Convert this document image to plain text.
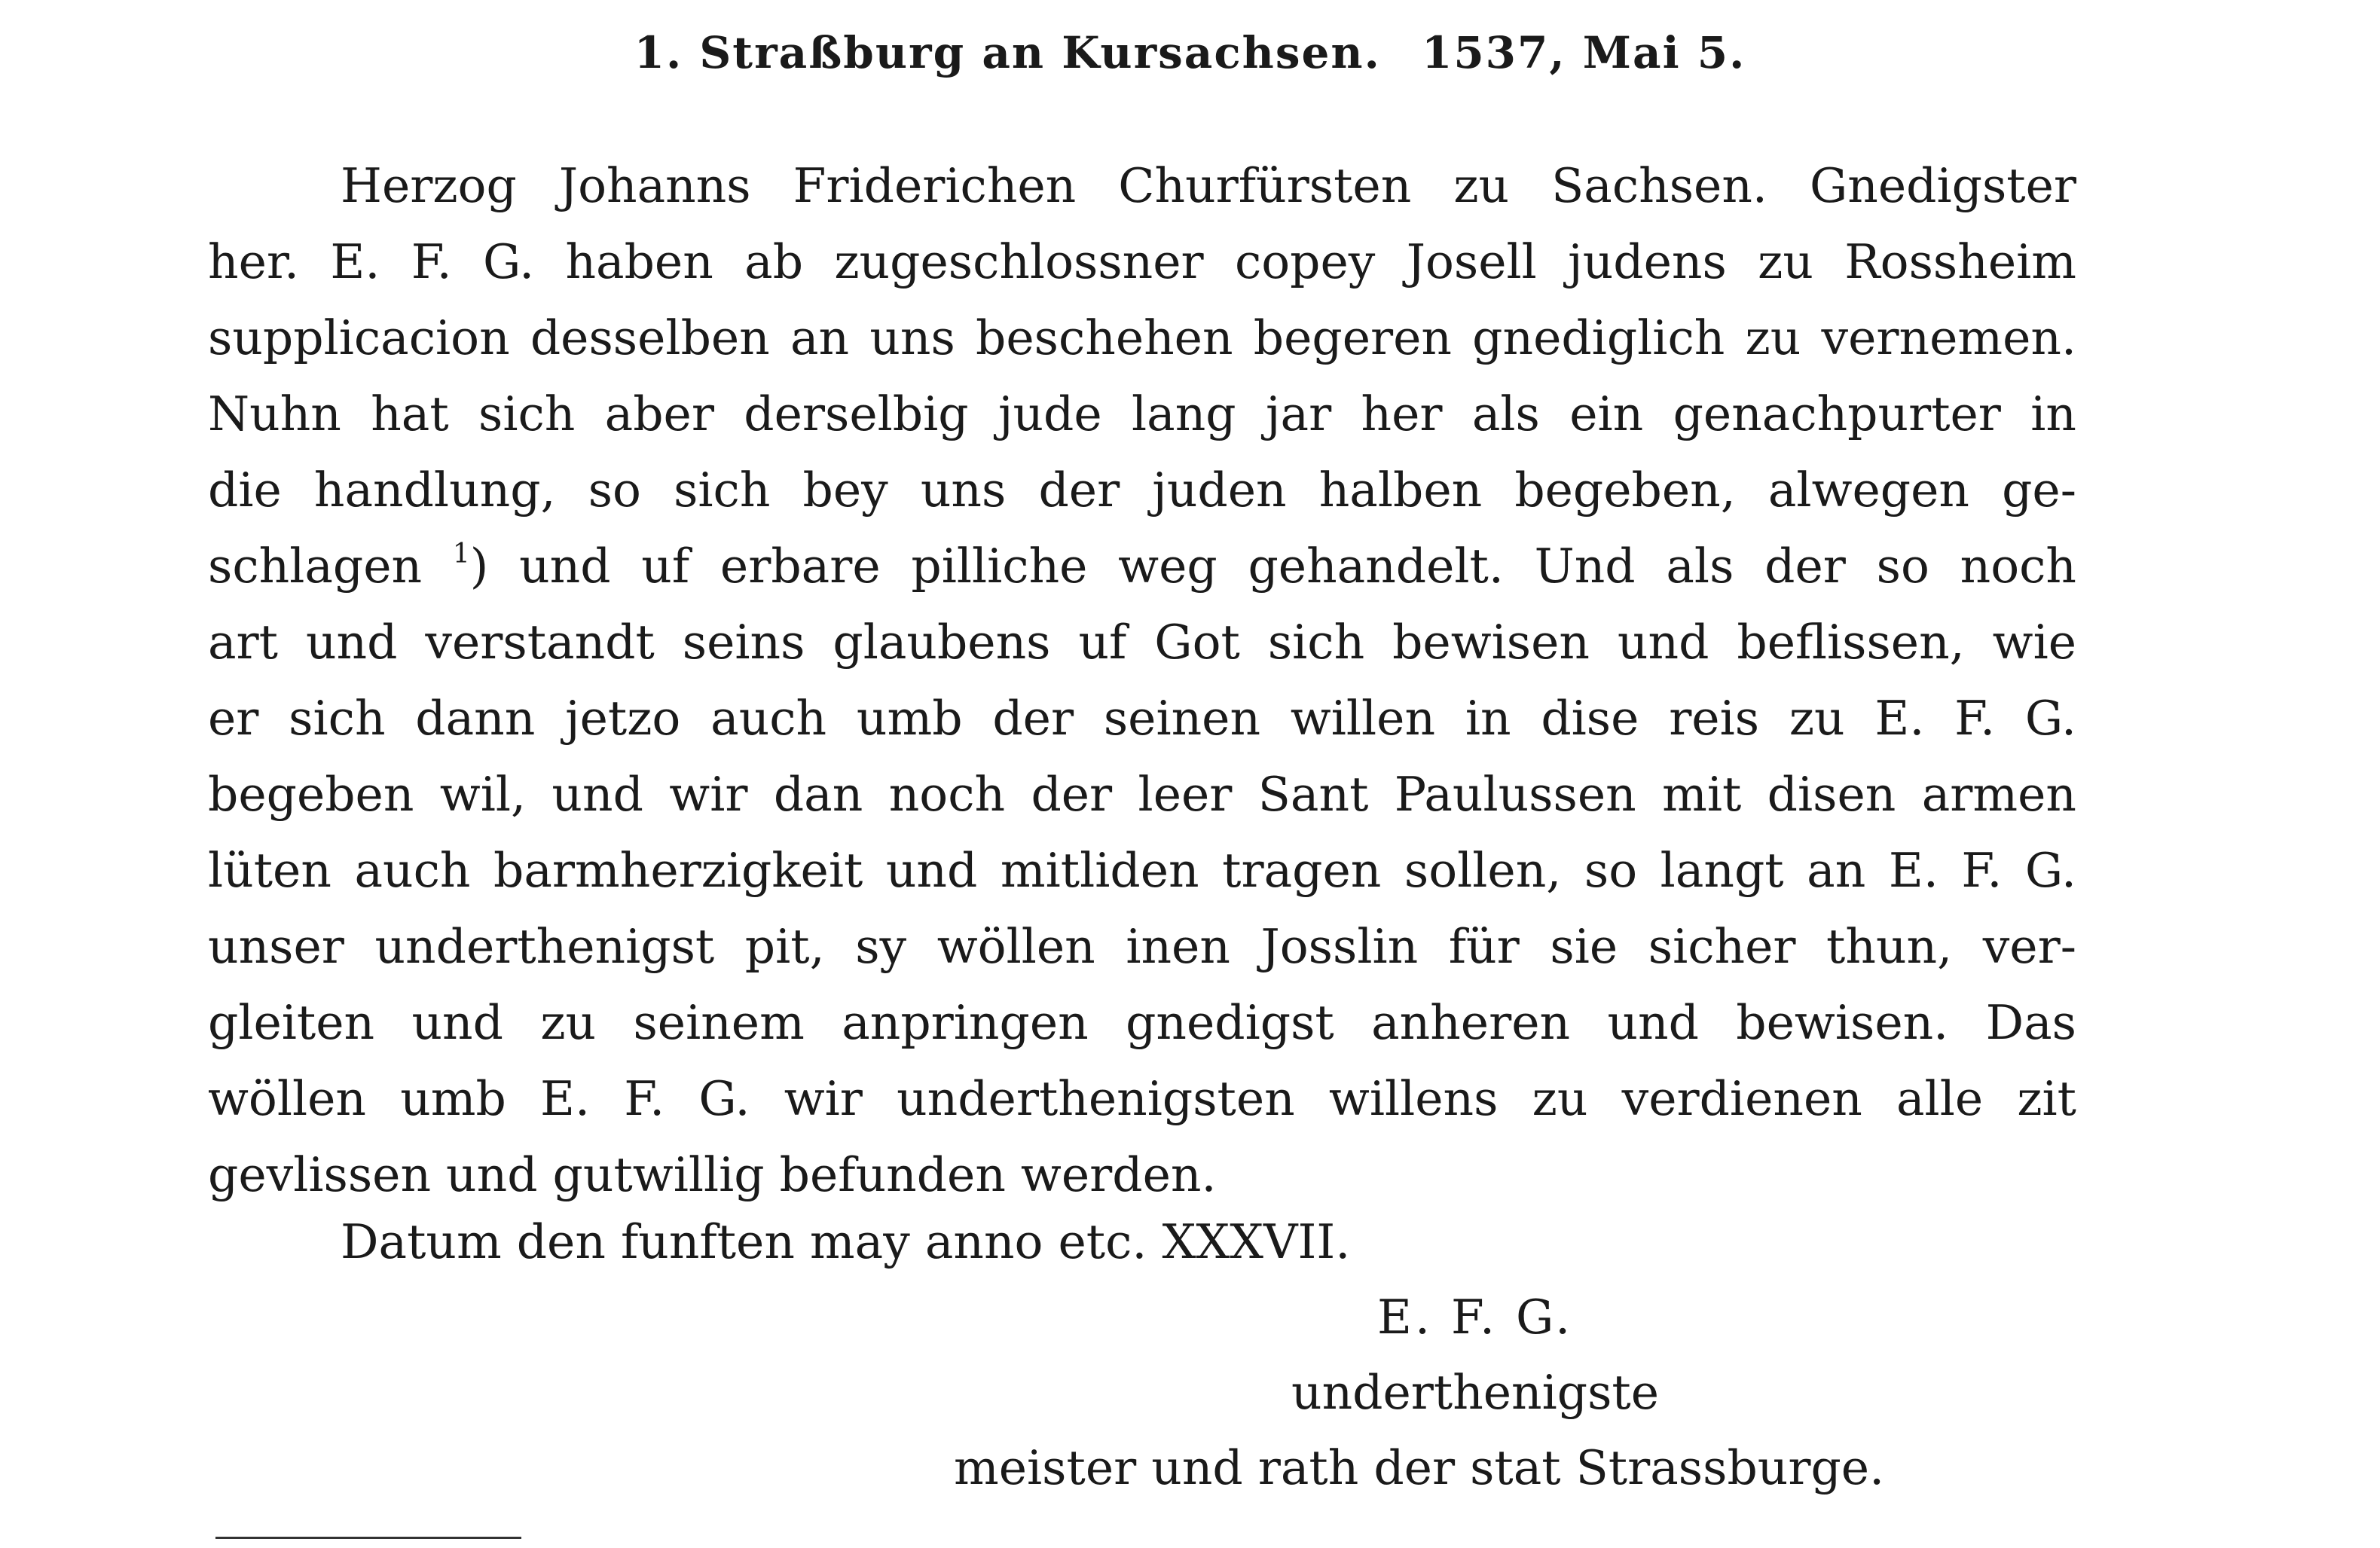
1. Straßburg an Kursachsen. 1537, Mai 5.
Herzog Johanns Friderichen Churfürsten zu Sachsen. Gnedigster
her. E. F. G. haben ab zugeschlossner copey Josell judens zu Rossheim
supplicacion desselben an uns beschehen begeren gnediglich zu vernemen.
Nuhn hat sich aber derselbig jude lang jar her als ein genachpurter in
die handlung, so sich bey uns der juden halben begeben, alwegen ge-
schlagen $^1$) und uf erbare pilliche weg gehandelt. Und als der so noch
art und verstandt seins glaubens uf Got sich bewisen und beflissen, wie
er sich dann jetzo auch umb der seinen willen in dise reis zu E. F. G.
begeben wil, und wir dan noch der leer Sant Paulussen mit disen armen
lüten auch barmherzigkeit und mitliden tragen sollen, so langt an E. F. G.
unser underthenigst pit, sy wöllen inen Josslin für sie sicher thun, ver-
gleiten und zu seinem anpringen gnedigst anheren und bewisen. Das
wöllen umb E. F. G. wir underthenigsten willens zu verdienen alle zit
gevlissen und gutwillig befunden werden.
Datum den funften may anno etc. XXXVII.
E. F. G.
underthenigste
meister und rath der stat Strassburge.
